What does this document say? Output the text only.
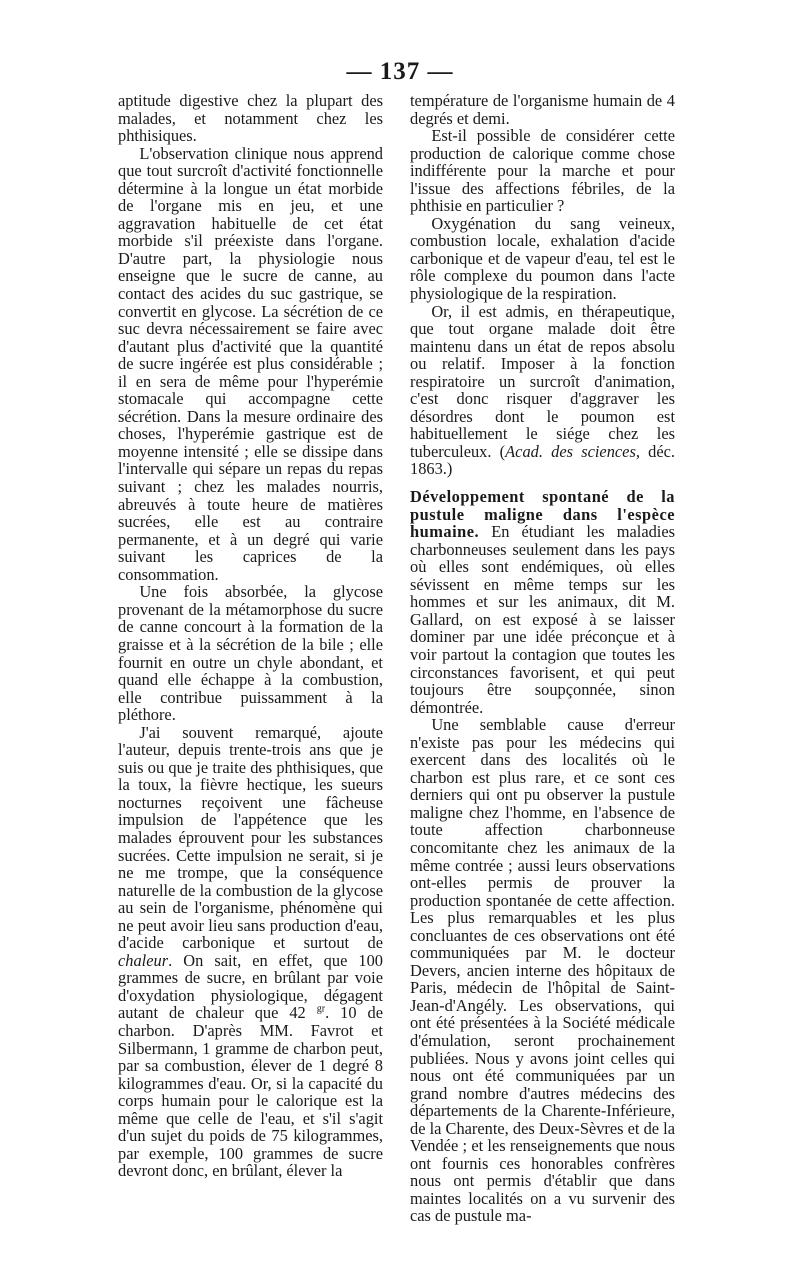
— 137 —

aptitude digestive chez la plupart des malades, et notamment chez les phthisiques.

L'observation clinique nous apprend que tout surcroît d'activité fonctionnelle détermine à la longue un état morbide de l'organe mis en jeu, et une aggravation habituelle de cet état morbide s'il préexiste dans l'organe. D'autre part, la physiologie nous enseigne que le sucre de canne, au contact des acides du suc gastrique, se convertit en glycose. La sécrétion de ce suc devra nécessairement se faire avec d'autant plus d'activité que la quantité de sucre ingérée est plus considérable ; il en sera de même pour l'hyperémie stomacale qui accompagne cette sécrétion. Dans la mesure ordinaire des choses, l'hyperémie gastrique est de moyenne intensité ; elle se dissipe dans l'intervalle qui sépare un repas du repas suivant ; chez les malades nourris, abreuvés à toute heure de matières sucrées, elle est au contraire permanente, et à un degré qui varie suivant les caprices de la consommation.

Une fois absorbée, la glycose provenant de la métamorphose du sucre de canne concourt à la formation de la graisse et à la sécrétion de la bile ; elle fournit en outre un chyle abondant, et quand elle échappe à la combustion, elle contribue puissamment à la pléthore.

J'ai souvent remarqué, ajoute l'auteur, depuis trente-trois ans que je suis ou que je traite des phthisiques, que la toux, la fièvre hectique, les sueurs nocturnes reçoivent une fâcheuse impulsion de l'appétence que les malades éprouvent pour les substances sucrées. Cette impulsion ne serait, si je ne me trompe, que la conséquence naturelle de la combustion de la glycose au sein de l'organisme, phénomène qui ne peut avoir lieu sans production d'eau, d'acide carbonique et surtout de chaleur. On sait, en effet, que 100 grammes de sucre, en brûlant par voie d'oxydation physiologique, dégagent autant de chaleur que 42 $^{gr}$. 10 de charbon. D'après MM. Favrot et Silbermann, 1 gramme de charbon peut, par sa combustion, élever de 1 degré 8 kilogrammes d'eau. Or, si la capacité du corps humain pour le calorique est la même que celle de l'eau, et s'il s'agit d'un sujet du poids de 75 kilogrammes, par exemple, 100 grammes de sucre devront donc, en brûlant, élever la

température de l'organisme humain de 4 degrés et demi.

Est-il possible de considérer cette production de calorique comme chose indifférente pour la marche et pour l'issue des affections fébriles, de la phthisie en particulier ?

Oxygénation du sang veineux, combustion locale, exhalation d'acide carbonique et de vapeur d'eau, tel est le rôle complexe du poumon dans l'acte physiologique de la respiration.

Or, il est admis, en thérapeutique, que tout organe malade doit être maintenu dans un état de repos absolu ou relatif. Imposer à la fonction respiratoire un surcroît d'animation, c'est donc risquer d'aggraver les désordres dont le poumon est habituellement le siége chez les tuberculeux. (Acad. des sciences, déc. 1863.)

Développement spontané de la pustule maligne dans l'espèce humaine. En étudiant les maladies charbonneuses seulement dans les pays où elles sont endémiques, où elles sévissent en même temps sur les hommes et sur les animaux, dit M. Gallard, on est exposé à se laisser dominer par une idée préconçue et à voir partout la contagion que toutes les circonstances favorisent, et qui peut toujours être soupçonnée, sinon démontrée.

Une semblable cause d'erreur n'existe pas pour les médecins qui exercent dans des localités où le charbon est plus rare, et ce sont ces derniers qui ont pu observer la pustule maligne chez l'homme, en l'absence de toute affection charbonneuse concomitante chez les animaux de la même contrée ; aussi leurs observations ont-elles permis de prouver la production spontanée de cette affection. Les plus remarquables et les plus concluantes de ces observations ont été communiquées par M. le docteur Devers, ancien interne des hôpitaux de Paris, médecin de l'hôpital de Saint-Jean-d'Angély. Les observations, qui ont été présentées à la Société médicale d'émulation, seront prochainement publiées. Nous y avons joint celles qui nous ont été communiquées par un grand nombre d'autres médecins des départements de la Charente-Inférieure, de la Charente, des Deux-Sèvres et de la Vendée ; et les renseignements que nous ont fournis ces honorables confrères nous ont permis d'établir que dans maintes localités on a vu survenir des cas de pustule ma-
